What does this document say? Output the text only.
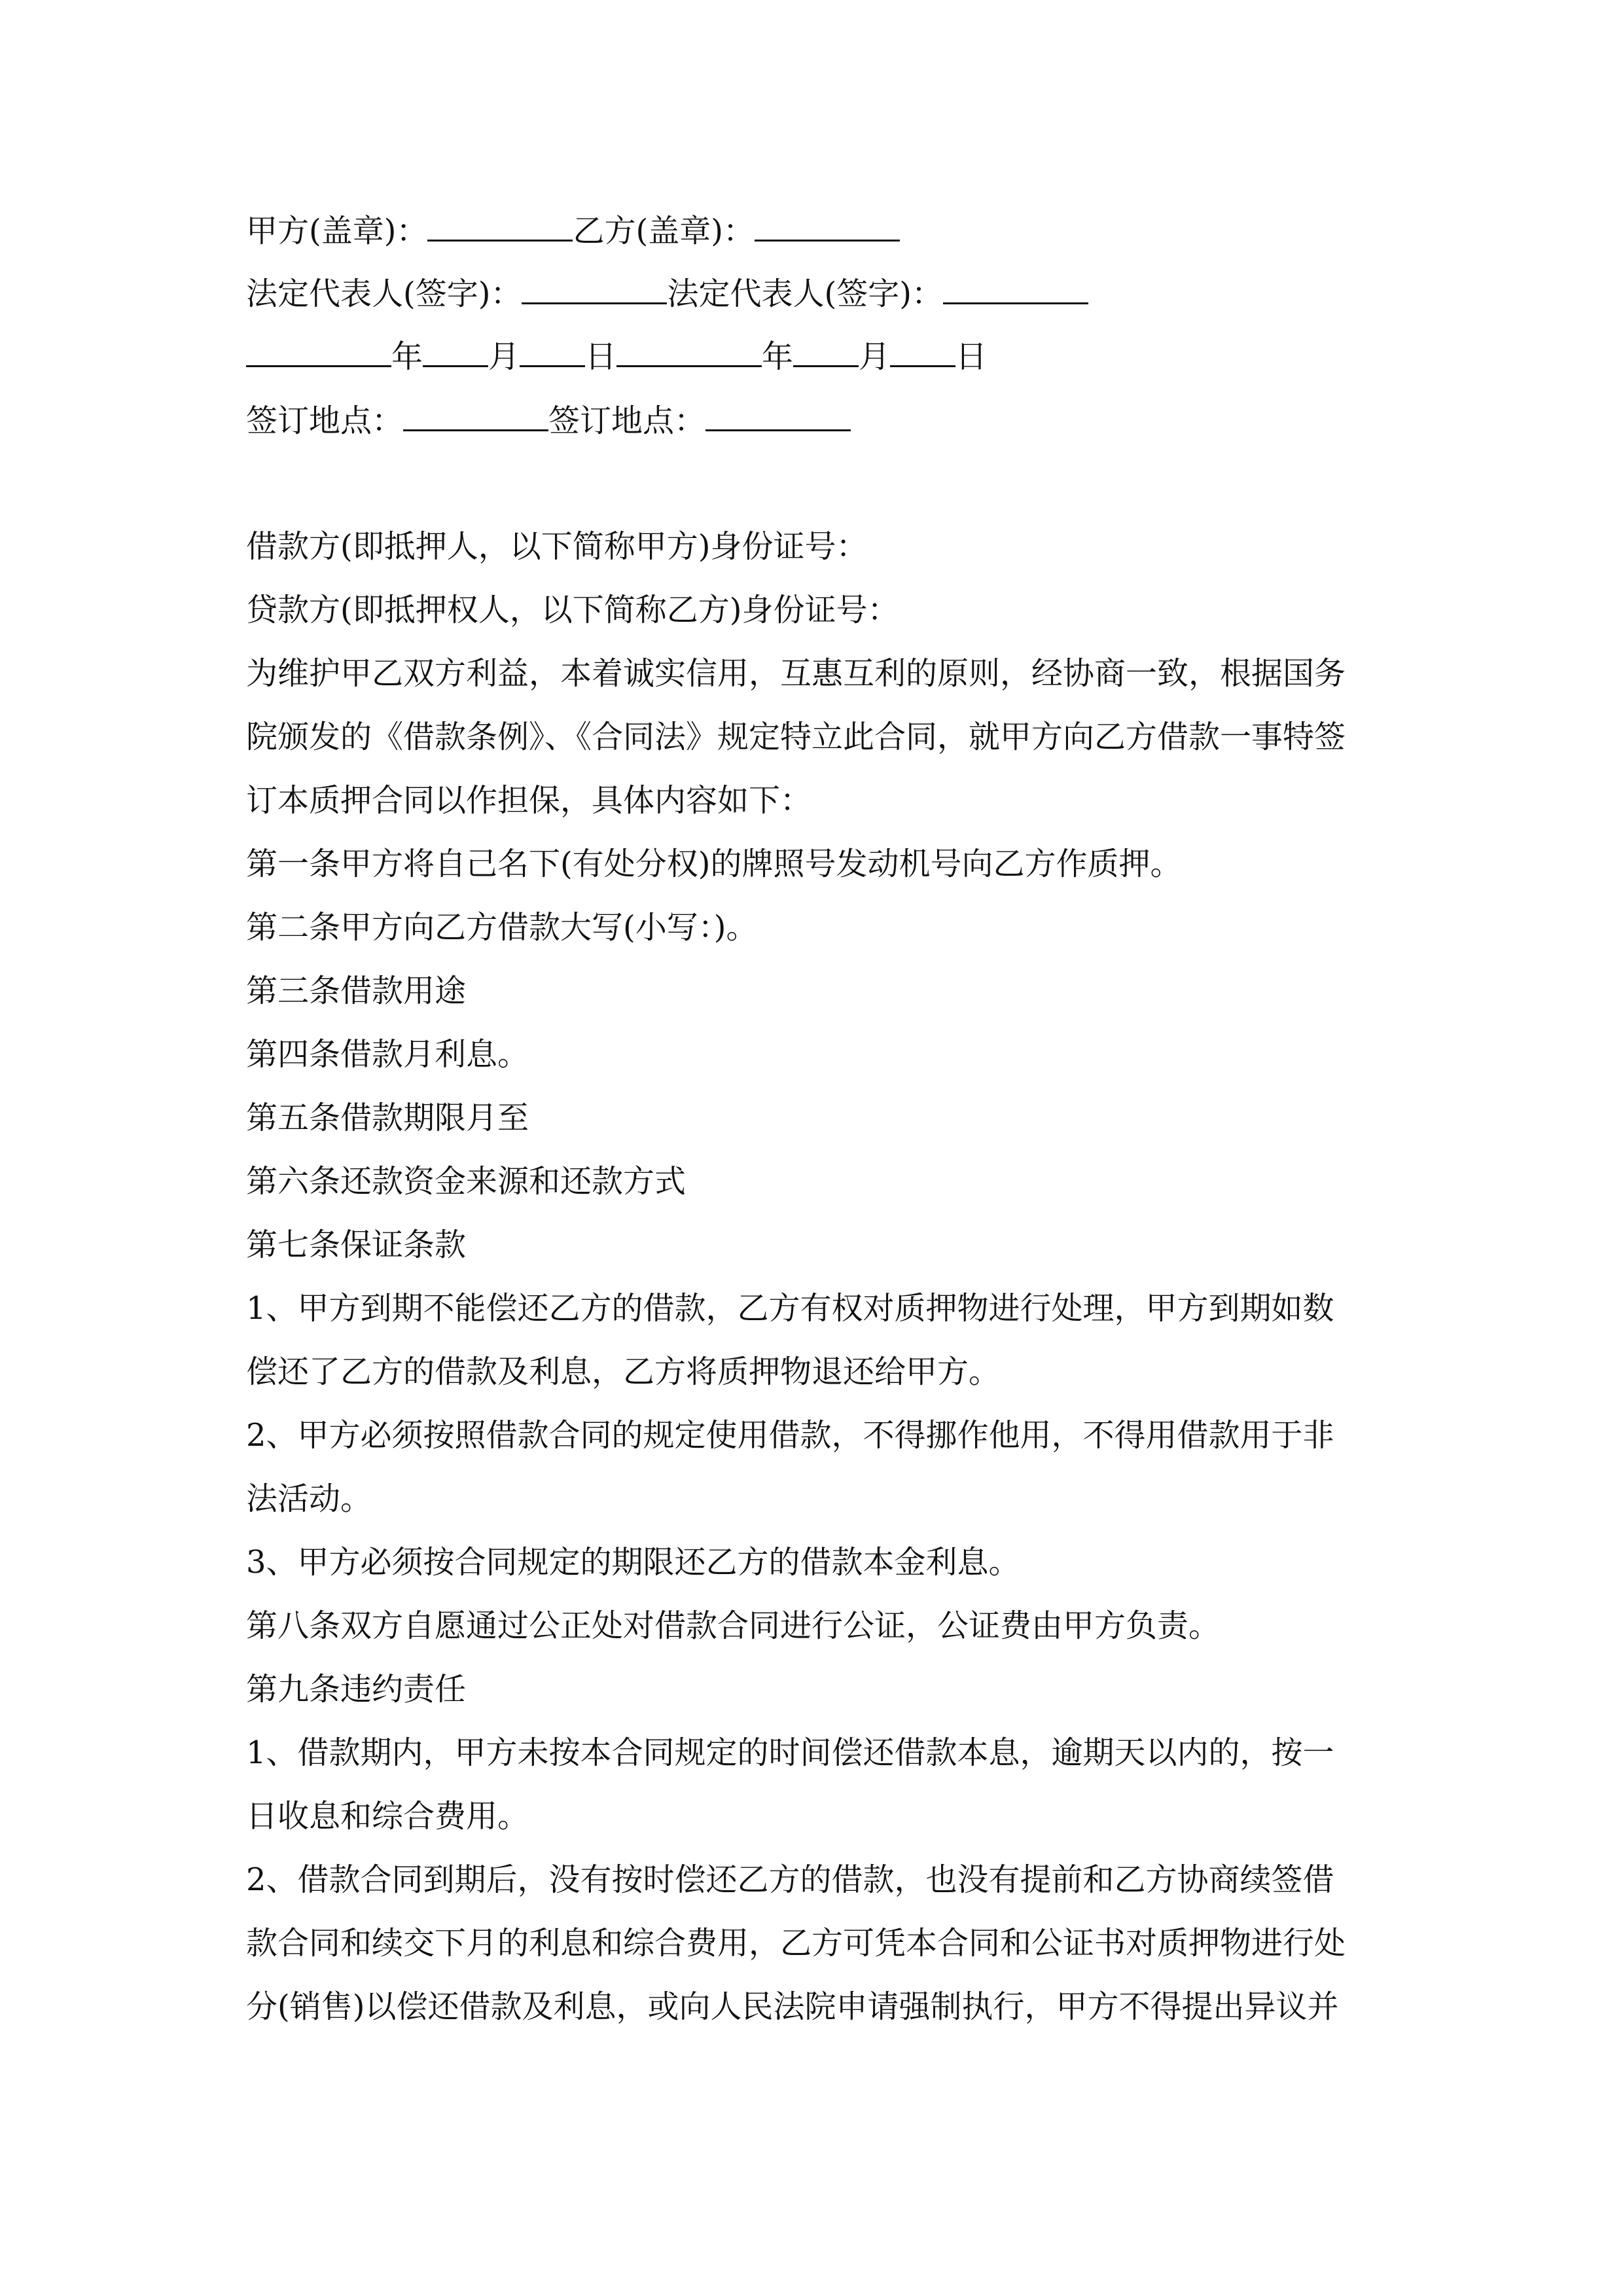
甲方(盖章)：	乙方(盖章)：
法定代表人(签字)：	法定代表人(签字)：
年 月 日	年 月 日
签订地点：	签订地点：
借款方(即抵押人，以下简称甲方)身份证号：
贷款方(即抵押权人，以下简称乙方)身份证号：
为维护甲乙双方利益，本着诚实信用，互惠互利的原则，经协商一致，根据国务
院颁发的《借款条例》、《合同法》规定特立此合同，就甲方向乙方借款一事特签
订本质押合同以作担保，具体内容如下：
第一条甲方将自己名下(有处分权)的牌照号发动机号向乙方作质押。
第二条甲方向乙方借款大写(小写：)。
第三条借款用途
第四条借款月利息。
第五条借款期限月至
第六条还款资金来源和还款方式
第七条保证条款
1、甲方到期不能偿还乙方的借款，乙方有权对质押物进行处理，甲方到期如数
偿还了乙方的借款及利息，乙方将质押物退还给甲方。
2、甲方必须按照借款合同的规定使用借款，不得挪作他用，不得用借款用于非
法活动。
3、甲方必须按合同规定的期限还乙方的借款本金利息。
第八条双方自愿通过公正处对借款合同进行公证，公证费由甲方负责。
第九条违约责任
1、借款期内，甲方未按本合同规定的时间偿还借款本息，逾期天以内的，按一
日收息和综合费用。
2、借款合同到期后，没有按时偿还乙方的借款，也没有提前和乙方协商续签借
款合同和续交下月的利息和综合费用，乙方可凭本合同和公证书对质押物进行处
分(销售)以偿还借款及利息，或向人民法院申请强制执行，甲方不得提出异议并
